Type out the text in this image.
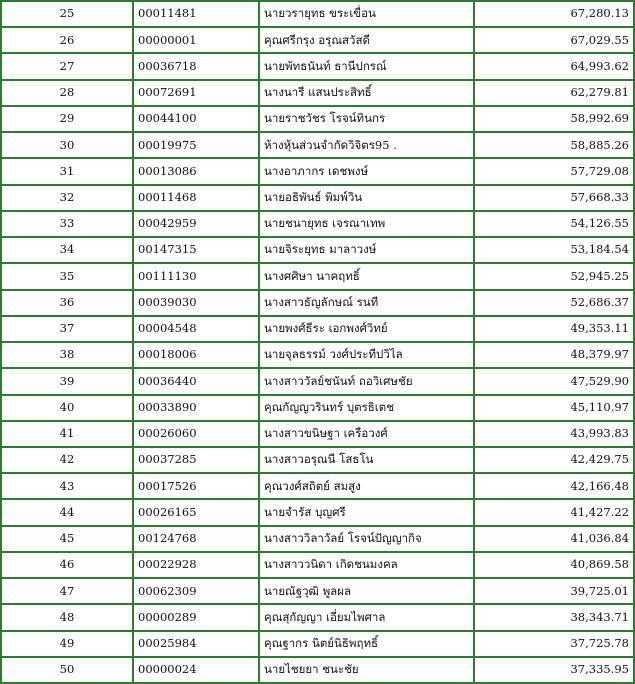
25	00011481	นายวรายุทธ ขระเขื่อน	67,280.13
26	00000001	คุณศรีกรุง อรุณสวัสดี	67,029.55
27	00036718	นายพัทธนันท์ ธานีปกรณ์	64,993.62
28	00072691	นางนารี แสนประสิทธิ์	62,279.81
29	00044100	นายราชวัชร โรจน์ทินกร	58,992.69
30	00019975	ห้างหุ้นส่วนจำกัดวิจิตร95 .	58,885.26
31	00013086	นางอาภากร เดชพงษ์	57,729.08
32	00011468	นายอธิพันธ์ พิมพ์วิน	57,668.33
33	00042959	นายชนายุทธ เจรณาเทพ	54,126.55
34	00147315	นายจิระยุทธ มาลาวงษ์	53,184.54
35	00111130	นางศศิษา นาคฤทธิ์	52,945.25
36	00039030	นางสาวธัญลักษณ์ รนที	52,686.37
37	00004548	นายพงศ์ธีระ เอกพงศ์วิทย์	49,353.11
38	00018006	นายจุลธรรม์ วงศ์ประทีปวิไล	48,379.97
39	00036440	นางสาววัลย์ชนันท์ ถอวิเศษชัย	47,529.90
40	00033890	คุณกัญญวรินทร์ บุตรธิเตช	45,110.97
41	00026060	นางสาวขนิษฐา เครือวงศ์	43,993.83
42	00037285	นางสาวอรุณนี โสธโน	42,429.75
43	00017526	คุณวงศ์สถิตย์ สมสูง	42,166.48
44	00026165	นายจำรัส บุญศรี	41,427.22
45	00124768	นางสาววิลาวัลย์ โรจน์ปัญญากิจ	41,036.84
46	00022928	นางสาววนิดา เกิดชนมงคล	40,869.58
47	00062309	นายณัฐวุฒิ พูลผล	39,725.01
48	00000289	คุณสุกัญญา เอี่ยมไพศาล	38,343.71
49	00025984	คุณฐากร นิตย์นิธิพฤทธิ์	37,725.78
50	00000024	นายไชยยา ชนะชัย	37,335.95
